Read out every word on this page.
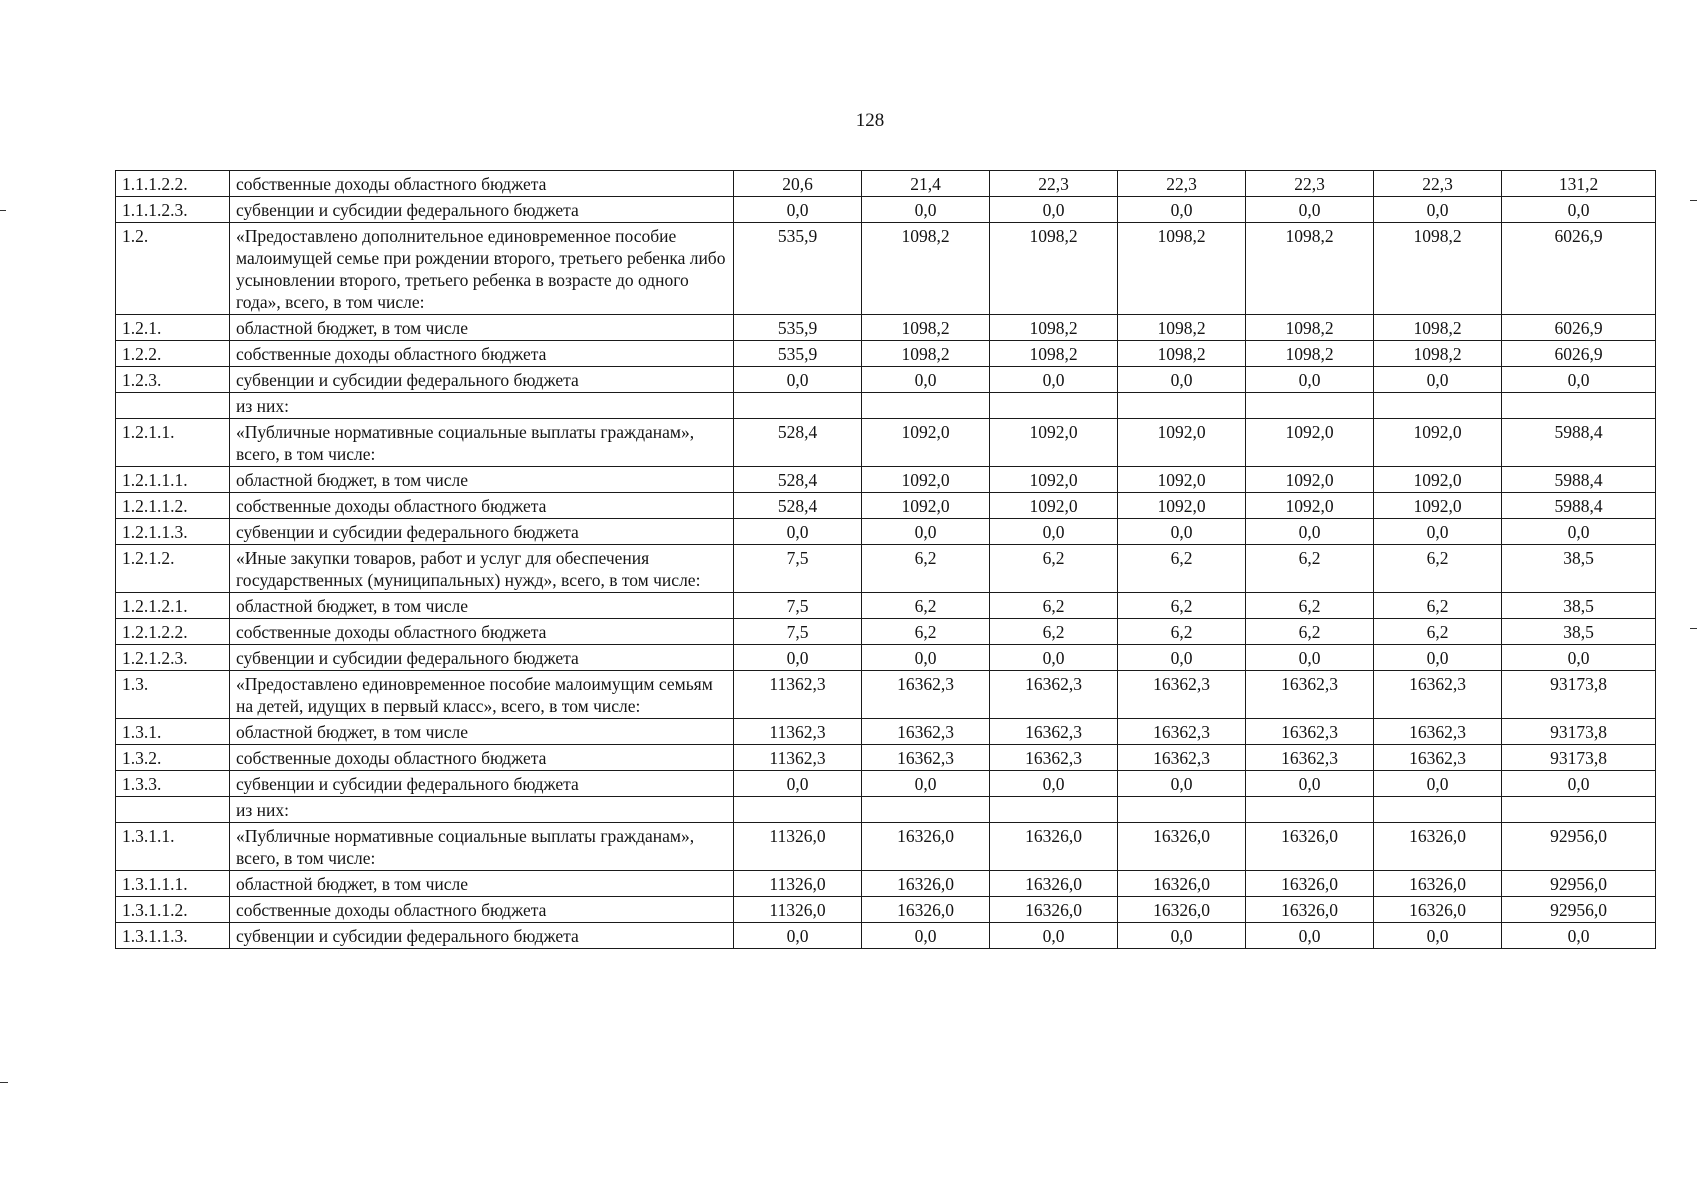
128
1.1.1.2.2.	собственные доходы областного бюджета	20,6	21,4	22,3	22,3	22,3	22,3	131,2
1.1.1.2.3.	субвенции и субсидии федерального бюджета	0,0	0,0	0,0	0,0	0,0	0,0	0,0
1.2.	«Предоставлено дополнительное единовременное пособие малоимущей семье при рождении второго, третьего ребенка либо усыновлении второго, третьего ребенка в возрасте до одного года», всего, в том числе:	535,9	1098,2	1098,2	1098,2	1098,2	1098,2	6026,9
1.2.1.	областной бюджет, в том числе	535,9	1098,2	1098,2	1098,2	1098,2	1098,2	6026,9
1.2.2.	собственные доходы областного бюджета	535,9	1098,2	1098,2	1098,2	1098,2	1098,2	6026,9
1.2.3.	субвенции и субсидии федерального бюджета	0,0	0,0	0,0	0,0	0,0	0,0	0,0
	из них:							
1.2.1.1.	«Публичные нормативные социальные выплаты гражданам», всего, в том числе:	528,4	1092,0	1092,0	1092,0	1092,0	1092,0	5988,4
1.2.1.1.1.	областной бюджет, в том числе	528,4	1092,0	1092,0	1092,0	1092,0	1092,0	5988,4
1.2.1.1.2.	собственные доходы областного бюджета	528,4	1092,0	1092,0	1092,0	1092,0	1092,0	5988,4
1.2.1.1.3.	субвенции и субсидии федерального бюджета	0,0	0,0	0,0	0,0	0,0	0,0	0,0
1.2.1.2.	«Иные закупки товаров, работ и услуг для обеспечения государственных (муниципальных) нужд», всего, в том числе:	7,5	6,2	6,2	6,2	6,2	6,2	38,5
1.2.1.2.1.	областной бюджет, в том числе	7,5	6,2	6,2	6,2	6,2	6,2	38,5
1.2.1.2.2.	собственные доходы областного бюджета	7,5	6,2	6,2	6,2	6,2	6,2	38,5
1.2.1.2.3.	субвенции и субсидии федерального бюджета	0,0	0,0	0,0	0,0	0,0	0,0	0,0
1.3.	«Предоставлено единовременное пособие малоимущим семьям на детей, идущих в первый класс», всего, в том числе:	11362,3	16362,3	16362,3	16362,3	16362,3	16362,3	93173,8
1.3.1.	областной бюджет, в том числе	11362,3	16362,3	16362,3	16362,3	16362,3	16362,3	93173,8
1.3.2.	собственные доходы областного бюджета	11362,3	16362,3	16362,3	16362,3	16362,3	16362,3	93173,8
1.3.3.	субвенции и субсидии федерального бюджета	0,0	0,0	0,0	0,0	0,0	0,0	0,0
	из них:							
1.3.1.1.	«Публичные нормативные социальные выплаты гражданам», всего, в том числе:	11326,0	16326,0	16326,0	16326,0	16326,0	16326,0	92956,0
1.3.1.1.1.	областной бюджет, в том числе	11326,0	16326,0	16326,0	16326,0	16326,0	16326,0	92956,0
1.3.1.1.2.	собственные доходы областного бюджета	11326,0	16326,0	16326,0	16326,0	16326,0	16326,0	92956,0
1.3.1.1.3.	субвенции и субсидии федерального бюджета	0,0	0,0	0,0	0,0	0,0	0,0	0,0
